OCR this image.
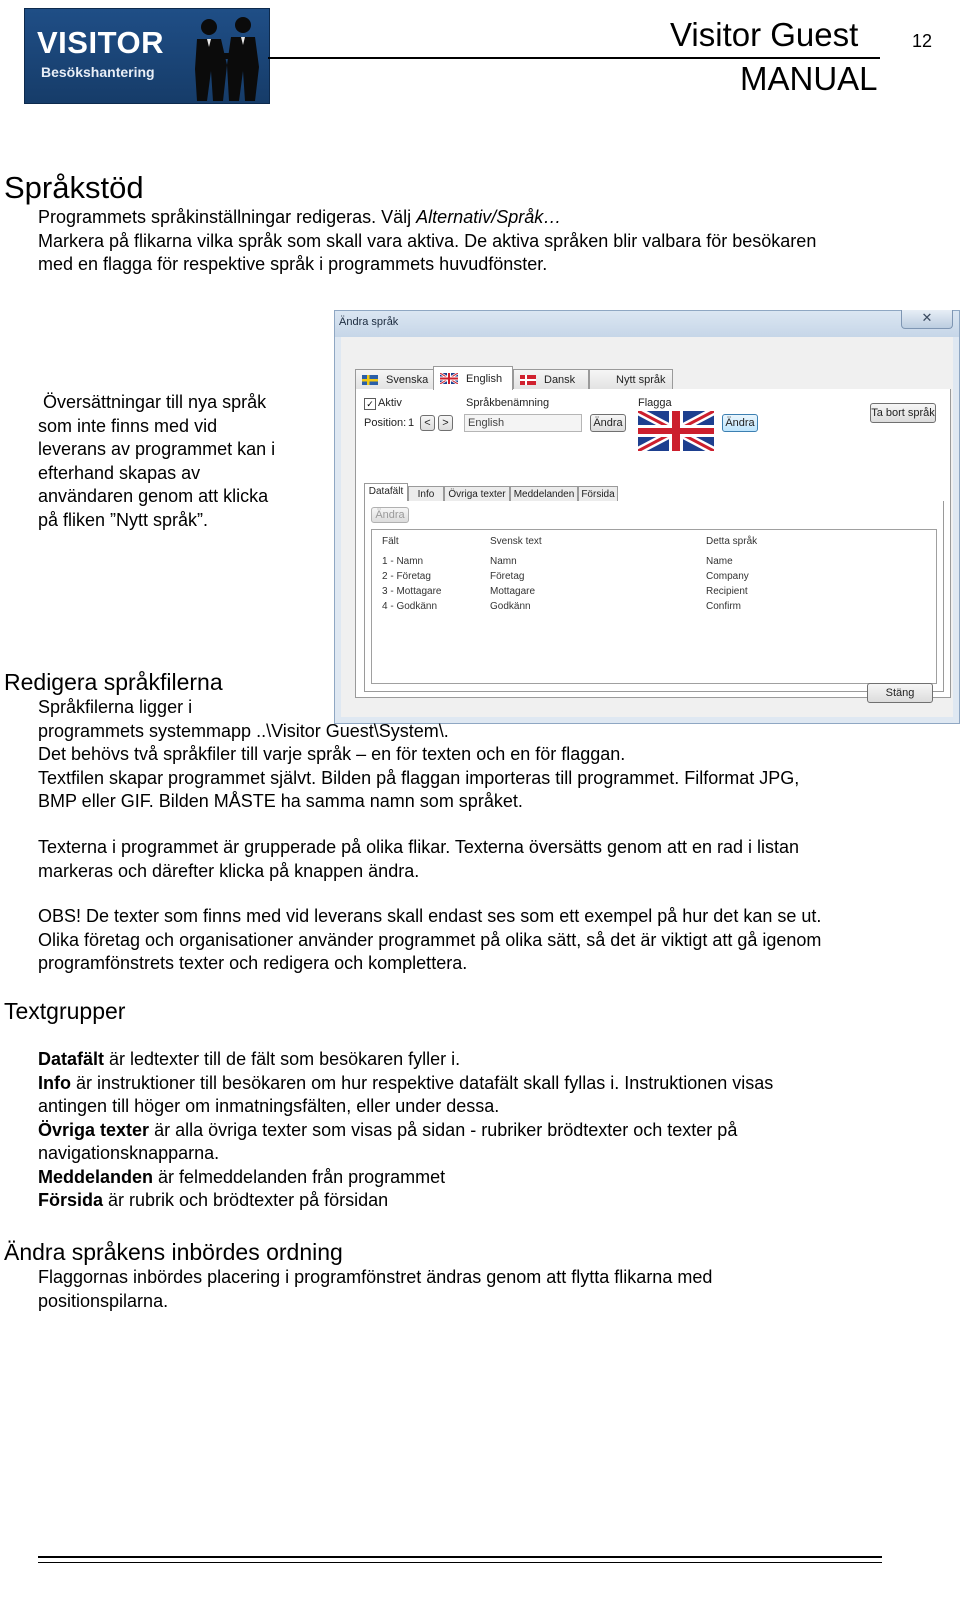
VISITOR
Besökshantering
Visitor Guest
MANUAL
12
Språkstöd
Programmets språkinställningar redigeras. Välj Alternativ/Språk…
Markera på flikarna vilka språk som skall vara aktiva. De aktiva språken blir valbara för besökaren
med en flagga för respektive språk i programmets huvudfönster.
Översättningar till nya språk
som inte finns med vid
leverans av programmet kan i
efterhand skapas av
användaren genom att klicka
på fliken ”Nytt språk”.
Ändra språk	✕
Svenska	English	Dansk	Nytt språk
✓ Aktiv
Position: 1 <	>
Språkbenämning
English	Ändra
Flagga
Ändra
Ta bort språk
Datafält	Info	Övriga texter Meddelanden Försida
Ändra
Fält	Svensk text	Detta språk
1 - Namn	Namn	Name
2 - Företag	Företag	Company
3 - Mottagare	Mottagare	Recipient
4 - Godkänn	Godkänn	Confirm
Stäng
Redigera språkfilerna
Språkfilerna ligger i
programmets systemmapp ..\Visitor Guest\System\.
Det behövs två språkfiler till varje språk – en för texten och en för flaggan.
Textfilen skapar programmet självt. Bilden på flaggan importeras till programmet. Filformat JPG,
BMP eller GIF. Bilden MÅSTE ha samma namn som språket.
Texterna i programmet är grupperade på olika flikar. Texterna översätts genom att en rad i listan
markeras och därefter klicka på knappen ändra.
OBS! De texter som finns med vid leverans skall endast ses som ett exempel på hur det kan se ut.
Olika företag och organisationer använder programmet på olika sätt, så det är viktigt att gå igenom
programfönstrets texter och redigera och komplettera.
Textgrupper
Datafält är ledtexter till de fält som besökaren fyller i.
Info är instruktioner till besökaren om hur respektive datafält skall fyllas i. Instruktionen visas
antingen till höger om inmatningsfälten, eller under dessa.
Övriga texter är alla övriga texter som visas på sidan - rubriker brödtexter och texter på
navigationsknapparna.
Meddelanden är felmeddelanden från programmet
Försida är rubrik och brödtexter på försidan
Ändra språkens inbördes ordning
Flaggornas inbördes placering i programfönstret ändras genom att flytta flikarna med
positionspilarna.
